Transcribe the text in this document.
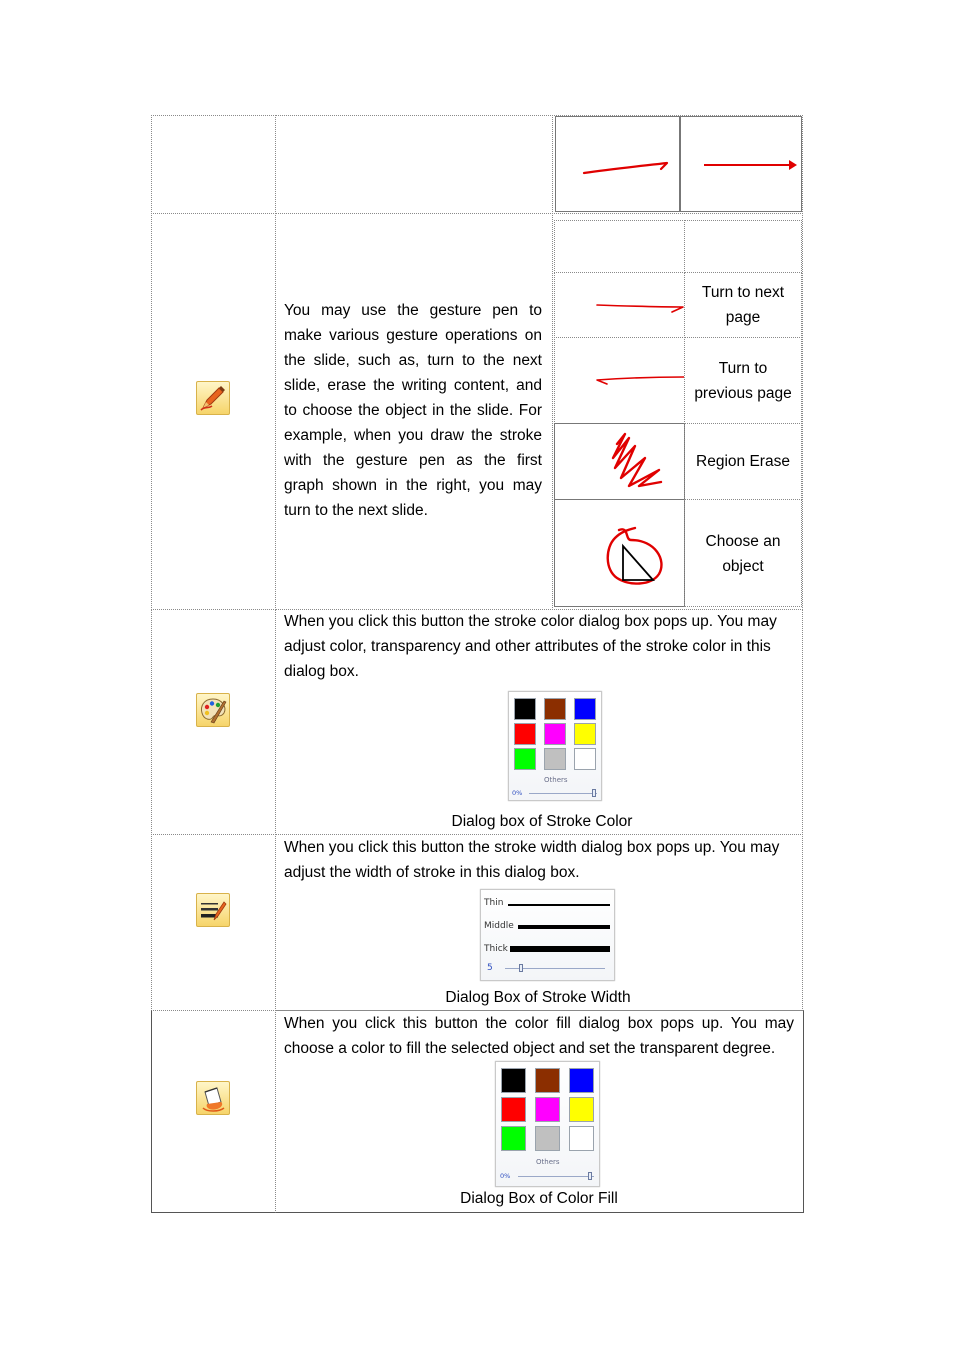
You may use the gesture pen to make various gesture operations on the slide, such as, turn to the next slide, erase the writing content, and to choose the object in the slide. For example, when you draw the stroke with the gesture pen as the first graph shown in the right, you may turn to the next slide.
Turn to next page
Turn to previous page
Region Erase
Choose an object
When you click this button the stroke color dialog box pops up. You may adjust color, transparency and other attributes of the stroke color in this dialog box.
Others
0%
Dialog box of Stroke Color
When you click this button the stroke width dialog box pops up. You may adjust the width of stroke in this dialog box.
Thin
Middle
Thick
5
Dialog Box of Stroke Width
When you click this button the color fill dialog box pops up. You may choose a color to fill the selected object and set the transparent degree.
Others
0%
Dialog Box of Color Fill
